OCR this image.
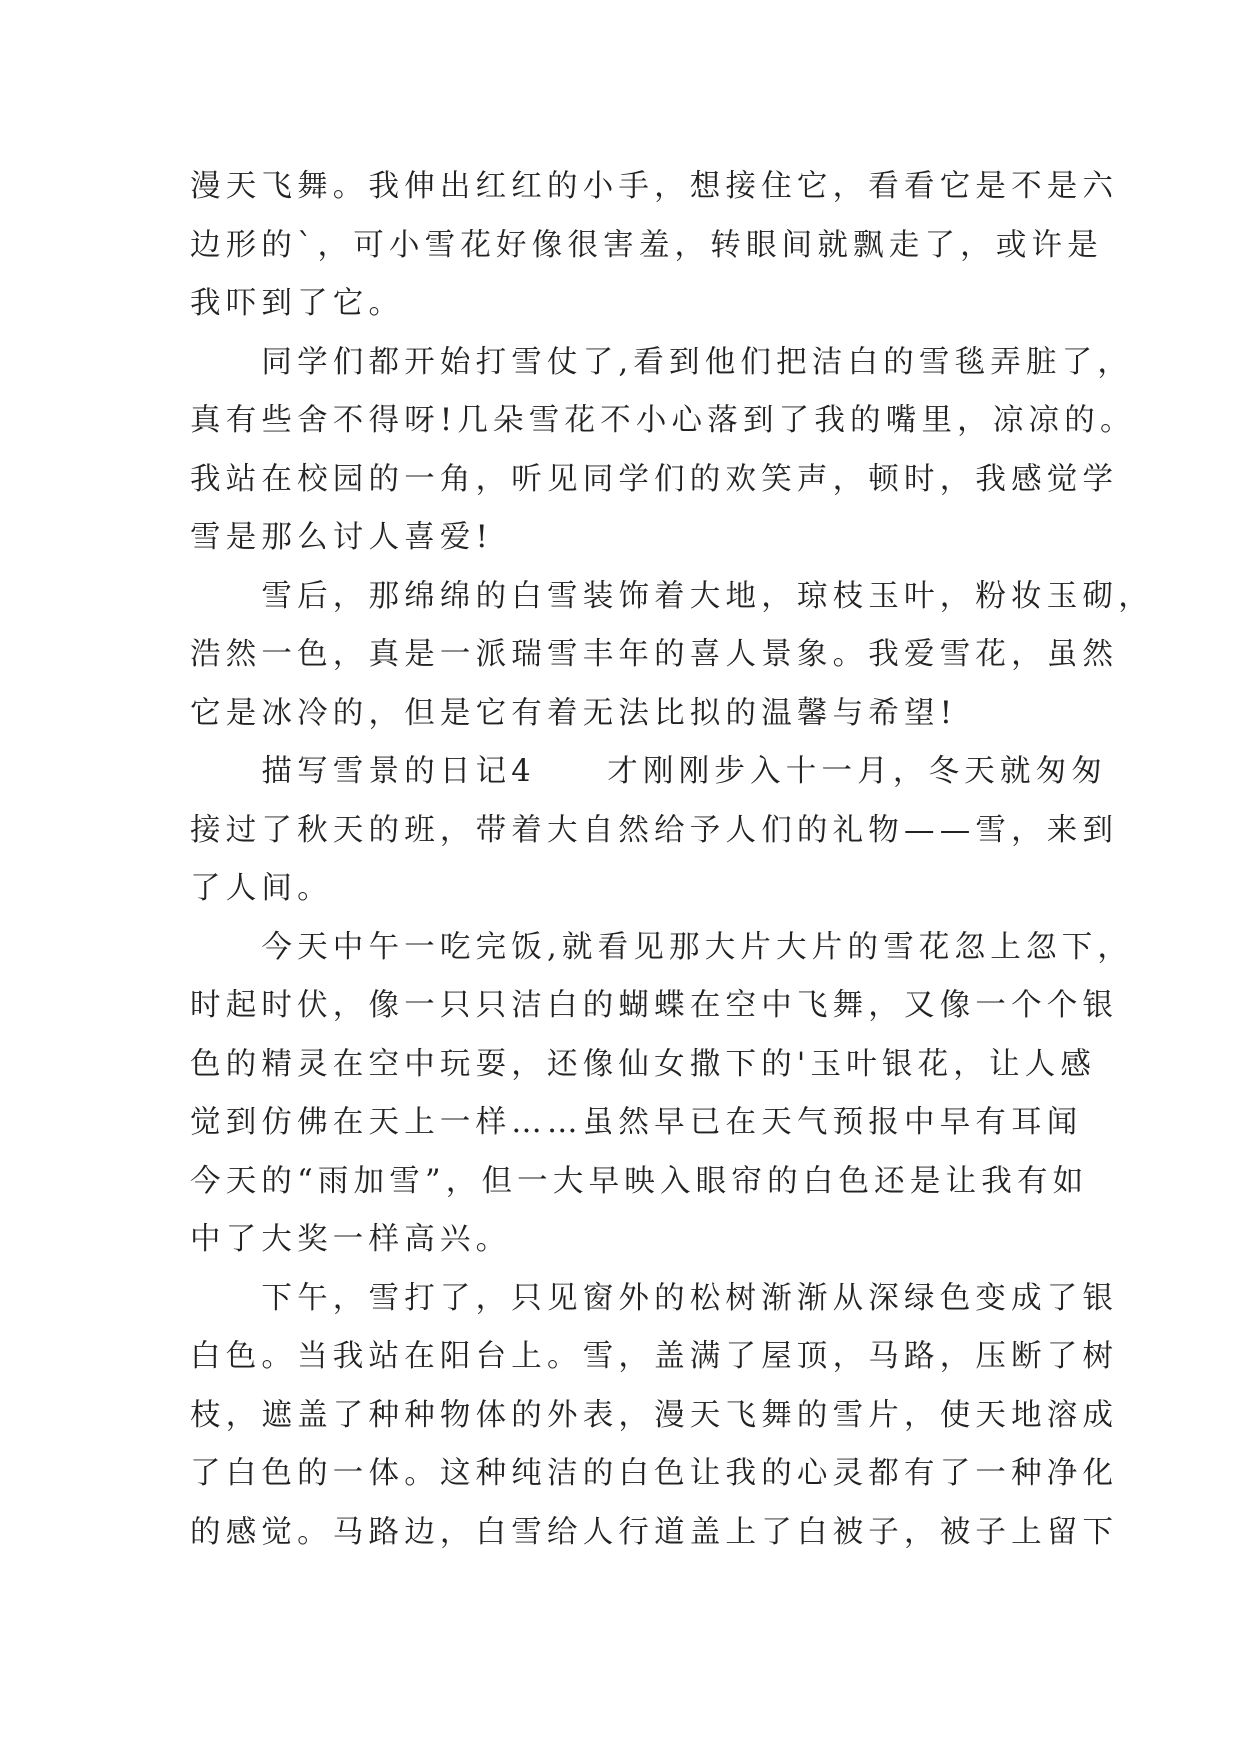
漫天飞舞。我伸出红红的小手，想接住它，看看它是不是六
边形的`，可小雪花好像很害羞，转眼间就飘走了，或许是
我吓到了它。
　　同学们都开始打雪仗了,看到他们把洁白的雪毯弄脏了，
真有些舍不得呀!几朵雪花不小心落到了我的嘴里，凉凉的。
我站在校园的一角，听见同学们的欢笑声，顿时，我感觉学
雪是那么讨人喜爱!
　　雪后，那绵绵的白雪装饰着大地，琼枝玉叶，粉妆玉砌，
浩然一色，真是一派瑞雪丰年的喜人景象。我爱雪花，虽然
它是冰冷的，但是它有着无法比拟的温馨与希望!
　　描写雪景的日记4　　才刚刚步入十一月，冬天就匆匆
接过了秋天的班，带着大自然给予人们的礼物——雪，来到
了人间。
　　今天中午一吃完饭,就看见那大片大片的雪花忽上忽下，
时起时伏，像一只只洁白的蝴蝶在空中飞舞，又像一个个银
色的精灵在空中玩耍，还像仙女撒下的'玉叶银花，让人感
觉到仿佛在天上一样……虽然早已在天气预报中早有耳闻
今天的“雨加雪”，但一大早映入眼帘的白色还是让我有如
中了大奖一样高兴。
　　下午，雪打了，只见窗外的松树渐渐从深绿色变成了银
白色。当我站在阳台上。雪，盖满了屋顶，马路，压断了树
枝，遮盖了种种物体的外表，漫天飞舞的雪片，使天地溶成
了白色的一体。这种纯洁的白色让我的心灵都有了一种净化
的感觉。马路边，白雪给人行道盖上了白被子，被子上留下
